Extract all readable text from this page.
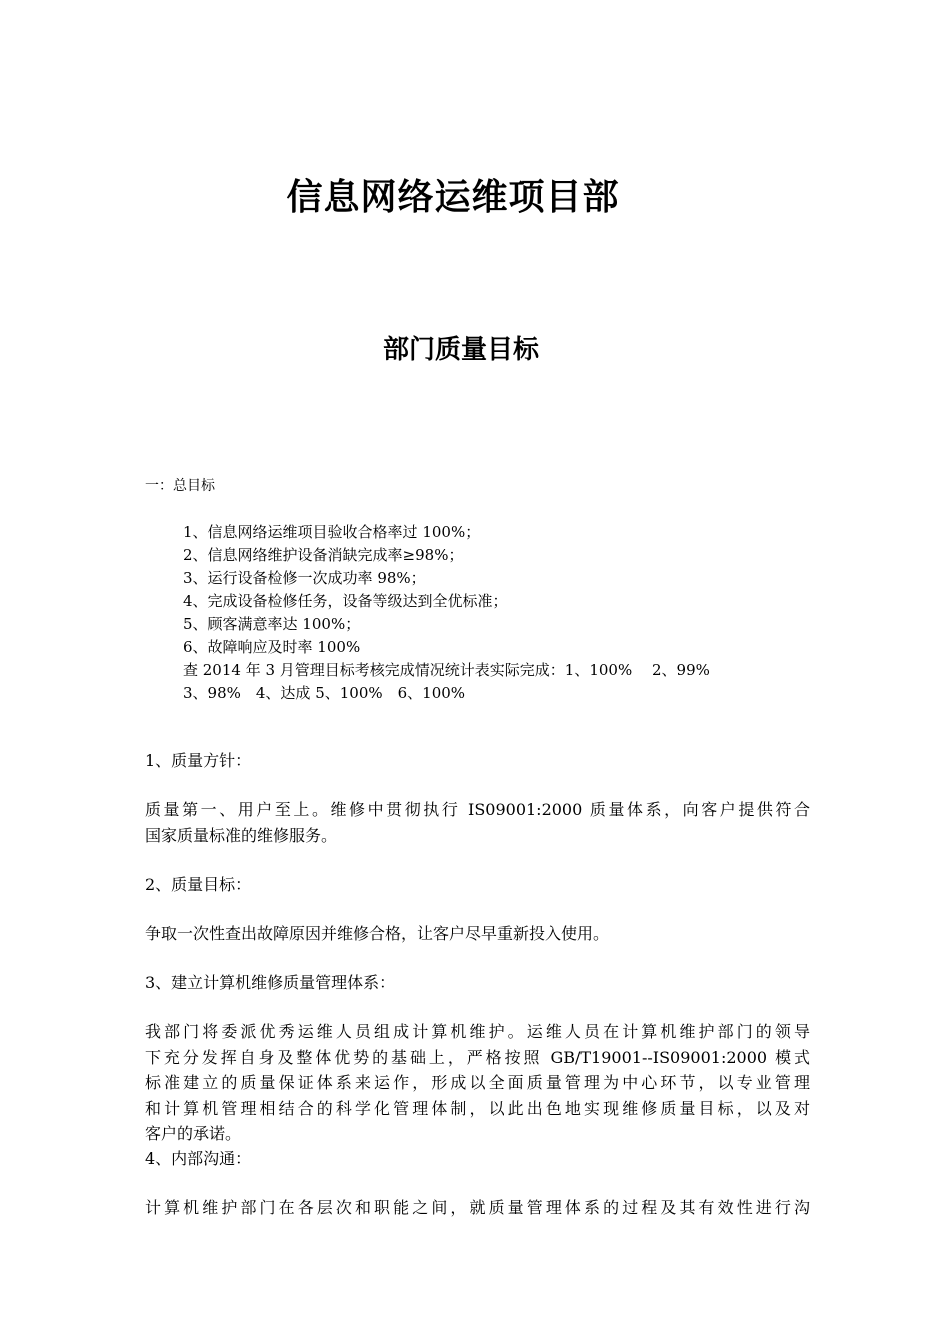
信息网络运维项目部
部门质量目标
一：总目标
1、信息网络运维项目验收合格率过 100%；
2、信息网络维护设备消缺完成率≥98%；
3、运行设备检修一次成功率 98%；
4、完成设备检修任务，设备等级达到全优标准；
5、顾客满意率达 100%；
6、故障响应及时率 100%
查 2014 年 3 月管理目标考核完成情况统计表实际完成：1、100%　 2、99%
3、98%　4、达成 5、100%　6、100%
1、质量方针：
质量第一、用户至上。维修中贯彻执行 IS09001:2000 质量体系，向客户提供符合
国家质量标准的维修服务。
2、质量目标：
争取一次性查出故障原因并维修合格，让客户尽早重新投入使用。
3、建立计算机维修质量管理体系：
我部门将委派优秀运维人员组成计算机维护。运维人员在计算机维护部门的领导
下充分发挥自身及整体优势的基础上，严格按照 GB/T19001--IS09001:2000 模式
标准建立的质量保证体系来运作，形成以全面质量管理为中心环节，以专业管理
和计算机管理相结合的科学化管理体制，以此出色地实现维修质量目标，以及对
客户的承诺。
4、内部沟通：
计算机维护部门在各层次和职能之间，就质量管理体系的过程及其有效性进行沟
